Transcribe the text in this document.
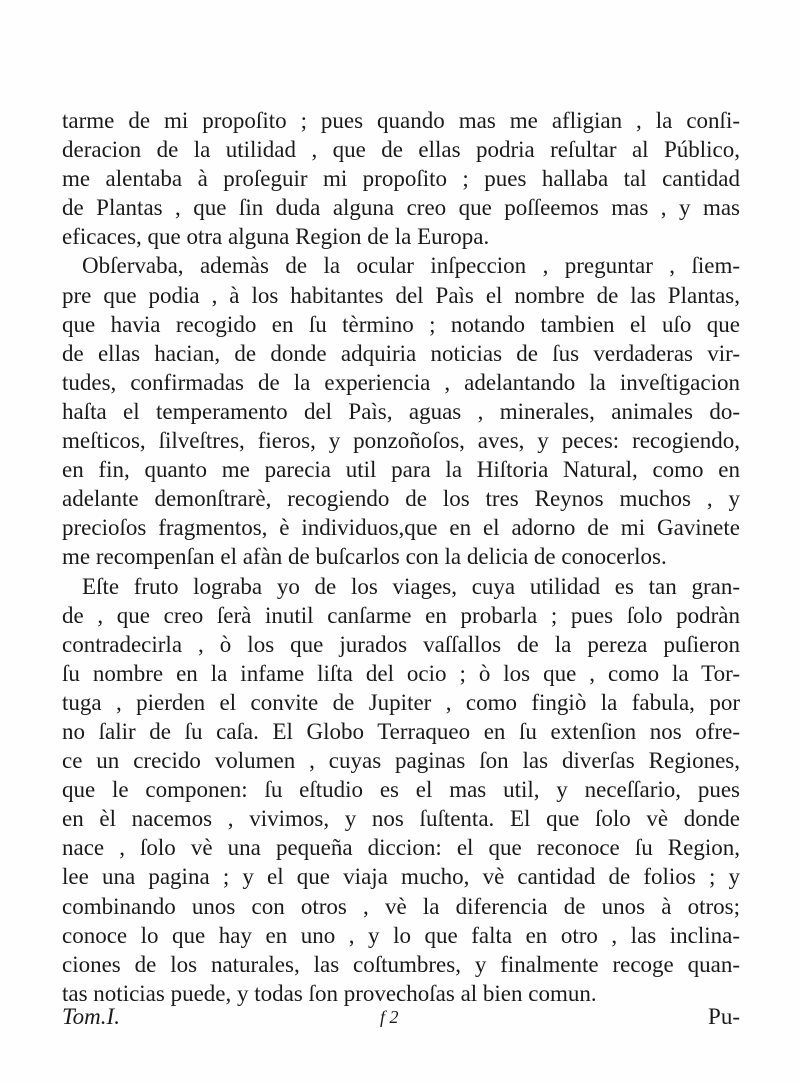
tarme de mi propoſito ; pues quando mas me afligian , la conſi-
deracion de la utilidad , que de ellas podria reſultar al Público,
me alentaba à proſeguir mi propoſito ; pues hallaba tal cantidad
de Plantas , que ſin duda alguna creo que poſſeemos mas , y mas
eficaces, que otra alguna Region de la Europa.
Obſervaba, ademàs de la ocular inſpeccion , preguntar , ſiem-
pre que podia , à los habitantes del Paìs el nombre de las Plantas,
que havia recogido en ſu tèrmino ; notando tambien el uſo que
de ellas hacian, de donde adquiria noticias de ſus verdaderas vir-
tudes, confirmadas de la experiencia , adelantando la inveſtigacion
haſta el temperamento del Paìs, aguas , minerales, animales do-
meſticos, ſilveſtres, fieros, y ponzoñoſos, aves, y peces: recogiendo,
en fin, quanto me parecia util para la Hiſtoria Natural, como en
adelante demonſtrarè, recogiendo de los tres Reynos muchos , y
precioſos fragmentos, è individuos,que en el adorno de mi Gavinete
me recompenſan el afàn de buſcarlos con la delicia de conocerlos.
Eſte fruto lograba yo de los viages, cuya utilidad es tan gran-
de , que creo ſerà inutil canſarme en probarla ; pues ſolo podràn
contradecirla , ò los que jurados vaſſallos de la pereza puſieron
ſu nombre en la infame liſta del ocio ; ò los que , como la Tor-
tuga , pierden el convite de Jupiter , como fingiò la fabula, por
no ſalir de ſu caſa. El Globo Terraqueo en ſu extenſion nos ofre-
ce un crecido volumen , cuyas paginas ſon las diverſas Regiones,
que le componen: ſu eſtudio es el mas util, y neceſſario, pues
en èl nacemos , vivimos, y nos ſuſtenta. El que ſolo vè donde
nace , ſolo vè una pequeña diccion: el que reconoce ſu Region,
lee una pagina ; y el que viaja mucho, vè cantidad de folios ; y
combinando unos con otros , vè la diferencia de unos à otros;
conoce lo que hay en uno , y lo que falta en otro , las inclina-
ciones de los naturales, las coſtumbres, y finalmente recoge quan-
tas noticias puede, y todas ſon provechoſas al bien comun.
Tom.I.	f 2	Pu-
